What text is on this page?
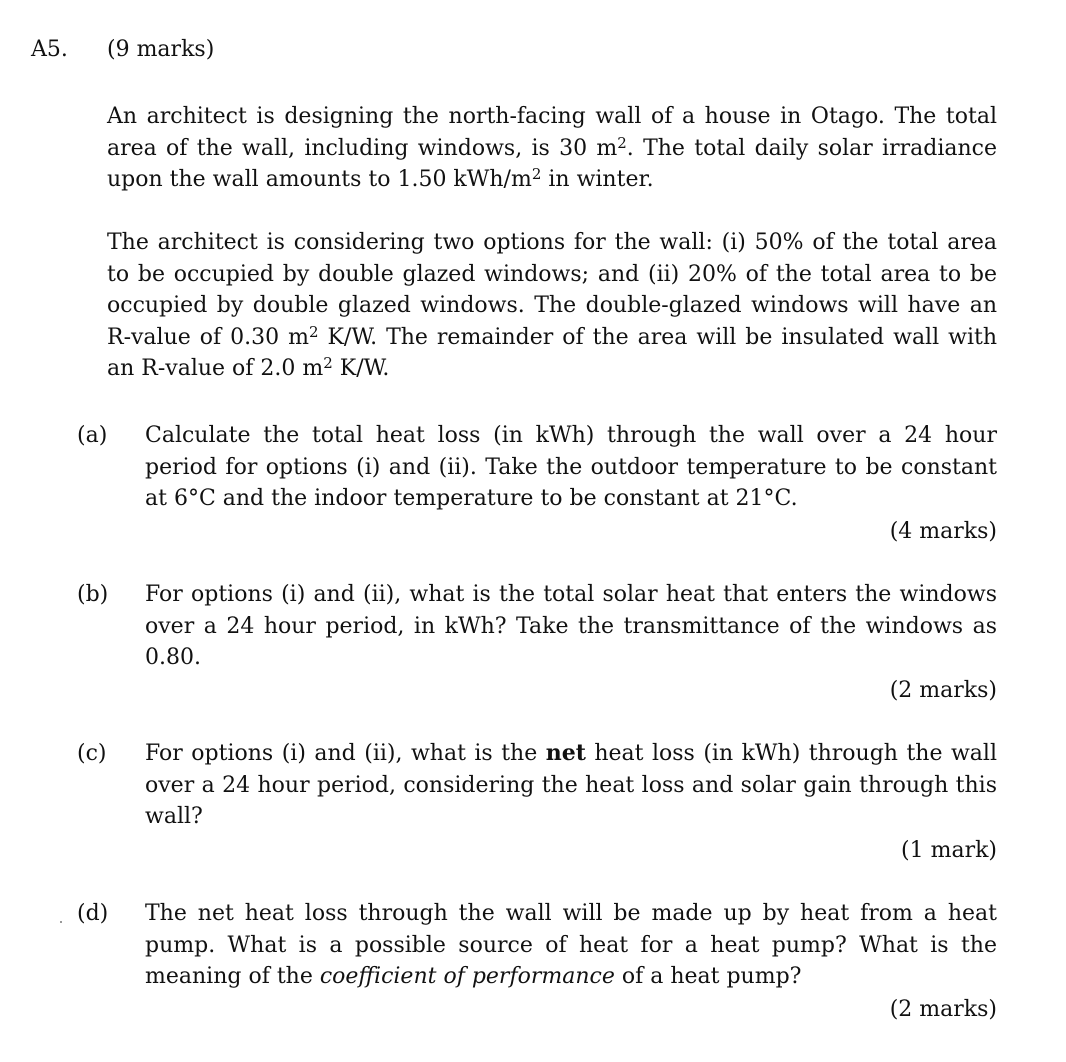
A5. (9 marks)

An architect is designing the north-facing wall of a house in Otago. The total area of the wall, including windows, is 30 $m^2$. The total daily solar irradiance upon the wall amounts to 1.50 kWh/$m^2$ in winter.

The architect is considering two options for the wall: (i) 50% of the total area to be occupied by double glazed windows; and (ii) 20% of the total area to be occupied by double glazed windows. The double-glazed windows will have an R-value of 0.30 $m^2$ K/W. The remainder of the area will be insulated wall with an R-value of 2.0 $m^2$ K/W.

(a) Calculate the total heat loss (in kWh) through the wall over a 24 hour period for options (i) and (ii). Take the outdoor temperature to be constant at 6°C and the indoor temperature to be constant at 21°C.
(4 marks)
(b) For options (i) and (ii), what is the total solar heat that enters the windows over a 24 hour period, in kWh? Take the transmittance of the windows as 0.80.
(2 marks)
(c) For options (i) and (ii), what is the net heat loss (in kWh) through the wall over a 24 hour period, considering the heat loss and solar gain through this wall?
(1 mark)
(d) The net heat loss through the wall will be made up by heat from a heat pump. What is a possible source of heat for a heat pump? What is the meaning of the coefficient of performance of a heat pump?
(2 marks)
